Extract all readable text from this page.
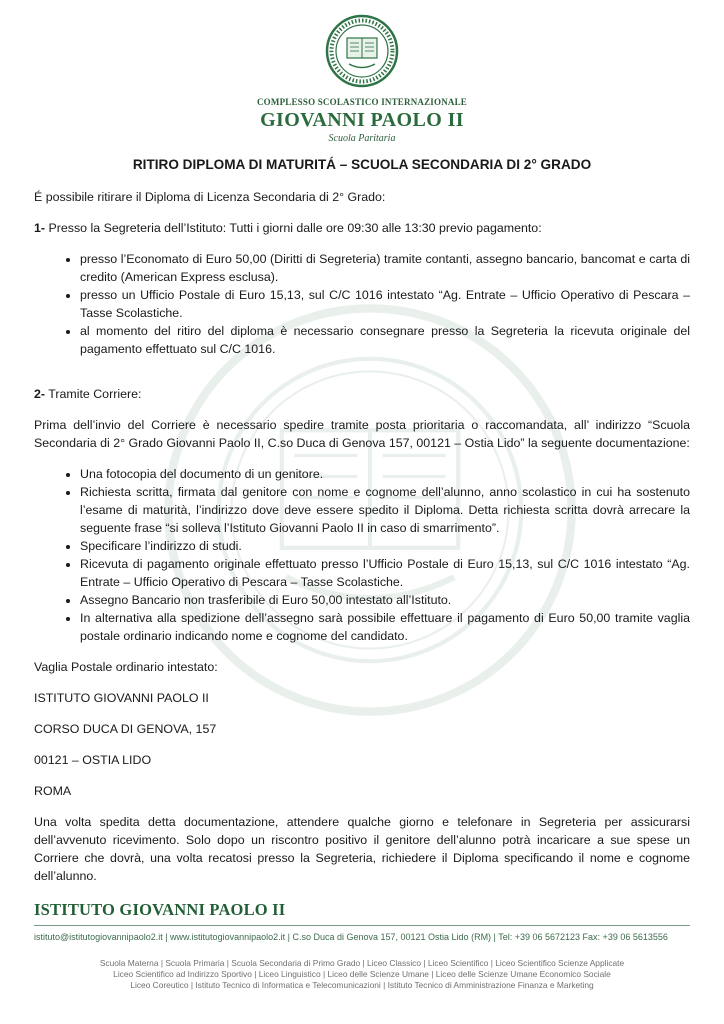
COMPLESSO SCOLASTICO INTERNAZIONALE
GIOVANNI PAOLO II
Scuola Paritaria
RITIRO DIPLOMA DI MATURITÁ – SCUOLA SECONDARIA DI 2° GRADO

É possibile ritirare il Diploma di Licenza Secondaria di 2° Grado:

1- Presso la Segreteria dell’Istituto: Tutti i giorni dalle ore 09:30 alle 13:30 previo pagamento:

• presso l’Economato di Euro 50,00 (Diritti di Segreteria) tramite contanti, assegno bancario, bancomat e carta di credito (American Express esclusa).
• presso un Ufficio Postale di Euro 15,13, sul C/C 1016 intestato “Ag. Entrate – Ufficio Operativo di Pescara – Tasse Scolastiche.
• al momento del ritiro del diploma è necessario consegnare presso la Segreteria la ricevuta originale del pagamento effettuato sul C/C 1016.

2- Tramite Corriere:

Prima dell’invio del Corriere è necessario spedire tramite posta prioritaria o raccomandata, all’ indirizzo “Scuola Secondaria di 2° Grado Giovanni Paolo II, C.so Duca di Genova 157, 00121 – Ostia Lido” la seguente documentazione:

• Una fotocopia del documento di un genitore.
• Richiesta scritta, firmata dal genitore con nome e cognome dell’alunno, anno scolastico in cui ha sostenuto l’esame di maturità, l’indirizzo dove deve essere spedito il Diploma. Detta richiesta scritta dovrà arrecare la seguente frase “si solleva l’Istituto Giovanni Paolo II in caso di smarrimento”.
• Specificare l’indirizzo di studi.
• Ricevuta di pagamento originale effettuato presso l’Ufficio Postale di Euro 15,13, sul C/C 1016 intestato “Ag. Entrate – Ufficio Operativo di Pescara – Tasse Scolastiche.
• Assegno Bancario non trasferibile di Euro 50,00 intestato all’Istituto.
• In alternativa alla spedizione dell’assegno sarà possibile effettuare il pagamento di Euro 50,00 tramite vaglia postale ordinario indicando nome e cognome del candidato.

Vaglia Postale ordinario intestato:

ISTITUTO GIOVANNI PAOLO II

CORSO DUCA DI GENOVA, 157

00121 – OSTIA LIDO

ROMA

Una volta spedita detta documentazione, attendere qualche giorno e telefonare in Segreteria per assicurarsi dell’avvenuto ricevimento. Solo dopo un riscontro positivo il genitore dell’alunno potrà incaricare a sue spese un Corriere che dovrà, una volta recatosi presso la Segreteria, richiedere il Diploma specificando il nome e cognome dell’alunno.

ISTITUTO GIOVANNI PAOLO II
istituto@istitutogiovannipaolo2.it | www.istitutogiovannipaolo2.it | C.so Duca di Genova 157, 00121 Ostia Lido (RM) | Tel: +39 06 5672123 Fax: +39 06 5613556
Scuola Materna | Scuola Primaria | Scuola Secondaria di Primo Grado | Liceo Classico | Liceo Scientifico | Liceo Scientifico Scienze Applicate
Liceo Scientifico ad Indirizzo Sportivo | Liceo Linguistico | Liceo delle Scienze Umane | Liceo delle Scienze Umane Economico Sociale
Liceo Coreutico | Istituto Tecnico di Informatica e Telecomunicazioni | Istituto Tecnico di Amministrazione Finanza e Marketing
